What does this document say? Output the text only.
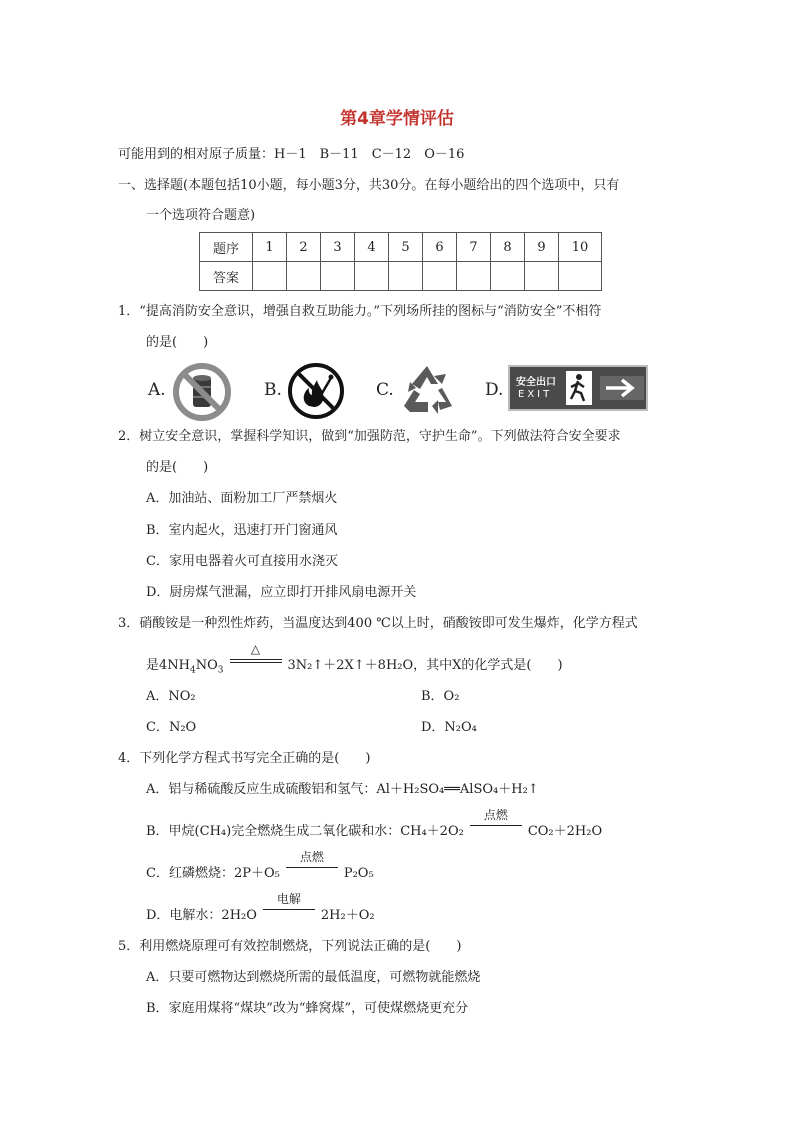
第4章学情评估
可能用到的相对原子质量：H－1　B－11　C－12　O－16
一、选择题(本题包括10小题，每小题3分，共30分。在每小题给出的四个选项中，只有
一个选项符合题意)
题序	1	2	3	4	5	6	7	8	9	10
答案										
1．“提高消防安全意识，增强自救互助能力。”下列场所挂的图标与“消防安全”不相符
的是(　　)
A.	B.	C.	D. 安全出口
EXIT
2．树立安全意识，掌握科学知识，做到“加强防范，守护生命”。下列做法符合安全要求
的是(　　)
A．加油站、面粉加工厂严禁烟火
B．室内起火，迅速打开门窗通风
C．家用电器着火可直接用水浇灭
D．厨房煤气泄漏，应立即打开排风扇电源开关
3．硝酸铵是一种烈性炸药，当温度达到400 ℃以上时，硝酸铵即可发生爆炸，化学方程式
是$4NH_4NO_3$
△
3N₂↑＋2X↑＋8H₂O，其中X的化学式是(　　)
A．NO₂	B．O₂
C．N₂O	D．N₂O₄
4．下列化学方程式书写完全正确的是(　　)
A．铝与稀硫酸反应生成硫酸铝和氢气：Al＋H₂SO₄══AlSO₄＋H₂↑
B．甲烷(CH₄)完全燃烧生成二氧化碳和水：CH₄＋2O₂
点燃
CO₂＋2H₂O
C．红磷燃烧：2P＋O₅
点燃
P₂O₅
D．电解水：2H₂O
电解
2H₂＋O₂
5．利用燃烧原理可有效控制燃烧，下列说法正确的是(　　)
A．只要可燃物达到燃烧所需的最低温度，可燃物就能燃烧
B．家庭用煤将“煤块”改为“蜂窝煤”，可使煤燃烧更充分
